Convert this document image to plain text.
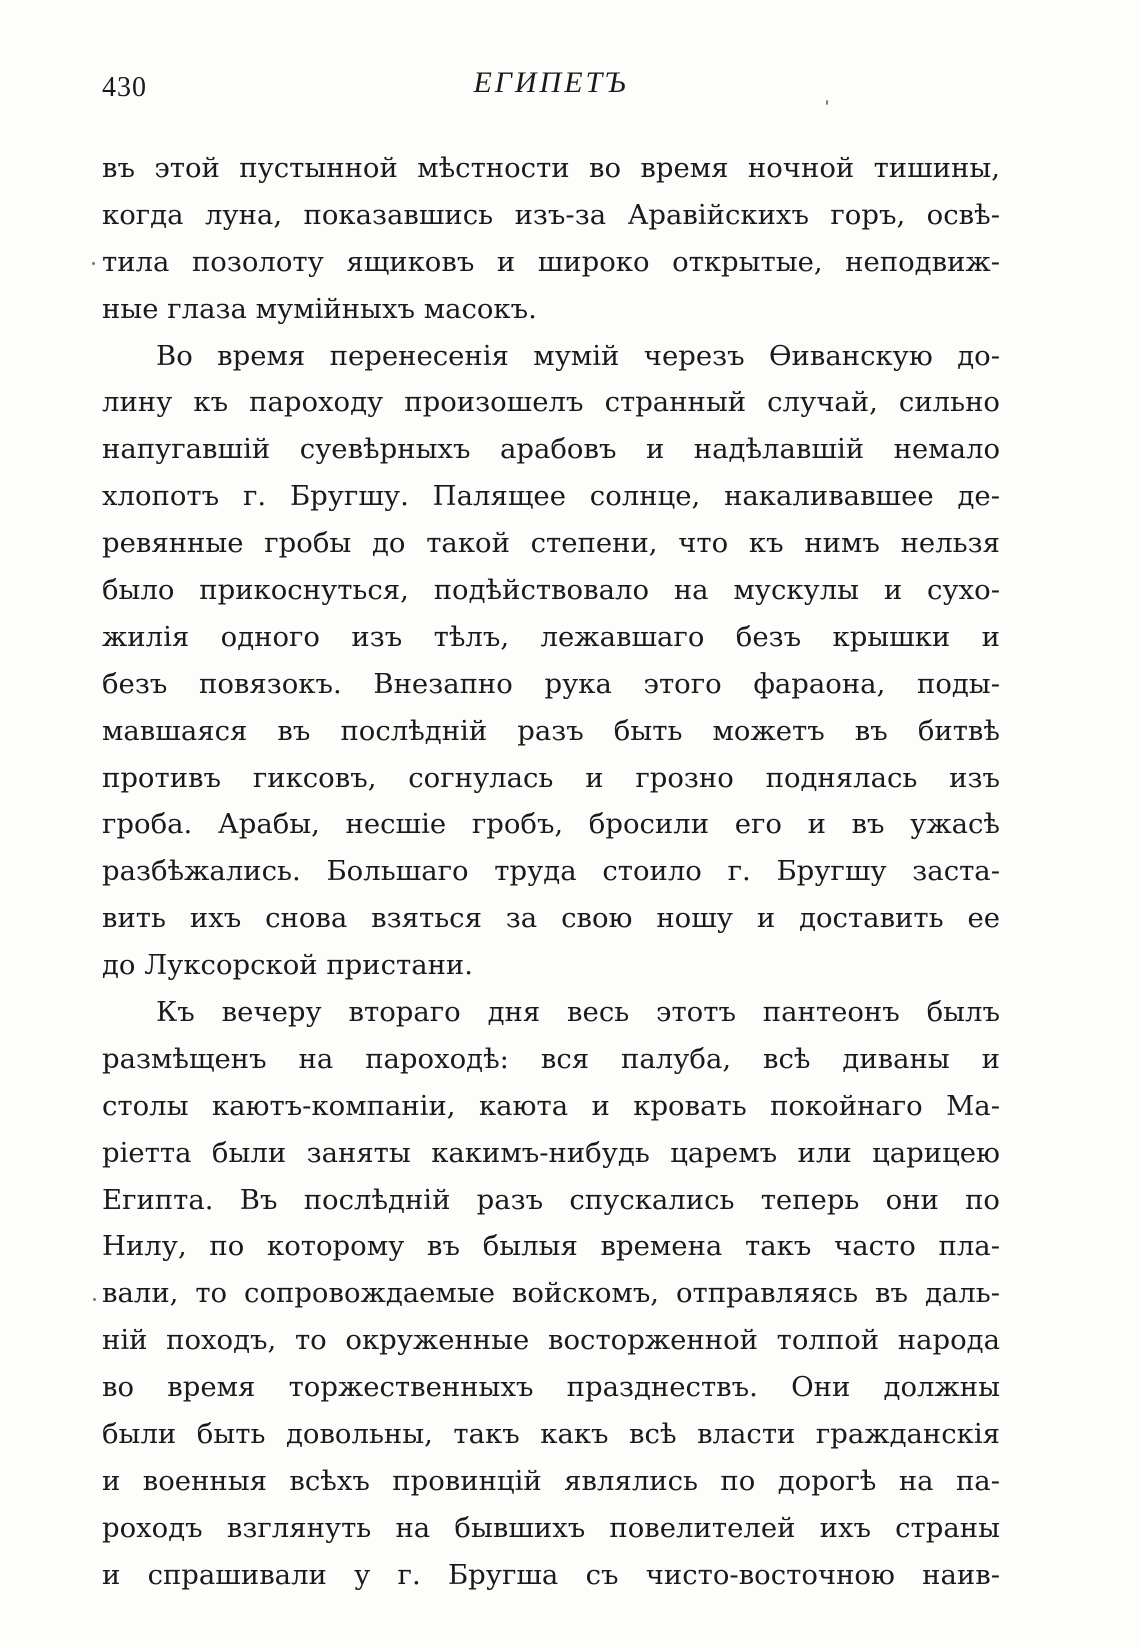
430	ЕГИПЕТЪ
въ этой пустынной мѣстности во время ночной тишины,
когда луна, показавшись изъ-за Аравійскихъ горъ, освѣ-
тила позолоту ящиковъ и широко открытые, неподвиж-
ные глаза мумійныхъ масокъ.
Во время перенесенія мумій черезъ Өиванскую до-
лину къ пароходу произошелъ странный случай, сильно
напугавшій суевѣрныхъ арабовъ и надѣлавшій немало
хлопотъ г. Бругшу. Палящее солнце, накаливавшее де-
ревянные гробы до такой степени, что къ нимъ нельзя
было прикоснуться, подѣйствовало на мускулы и сухо-
жилія одного изъ тѣлъ, лежавшаго безъ крышки и
безъ повязокъ. Внезапно рука этого фараона, поды-
мавшаяся въ послѣдній разъ быть можетъ въ битвѣ
противъ гиксовъ, согнулась и грозно поднялась изъ
гроба. Арабы, несшіе гробъ, бросили его и въ ужасѣ
разбѣжались. Большаго труда стоило г. Бругшу заста-
вить ихъ снова взяться за свою ношу и доставить ее
до Луксорской пристани.
Къ вечеру втораго дня весь этотъ пантеонъ былъ
размѣщенъ на пароходѣ: вся палуба, всѣ диваны и
столы каютъ-компаніи, каюта и кровать покойнаго Ма-
ріетта были заняты какимъ-нибудь царемъ или царицею
Египта. Въ послѣдній разъ спускались теперь они по
Нилу, по которому въ былыя времена такъ часто пла-
вали, то сопровождаемые войскомъ, отправляясь въ даль-
ній походъ, то окруженные восторженной толпой народа
во время торжественныхъ празднествъ. Они должны
были быть довольны, такъ какъ всѣ власти гражданскія
и военныя всѣхъ провинцій являлись по дорогѣ на па-
роходъ взглянуть на бывшихъ повелителей ихъ страны
и спрашивали у г. Бругша съ чисто-восточною наив-
